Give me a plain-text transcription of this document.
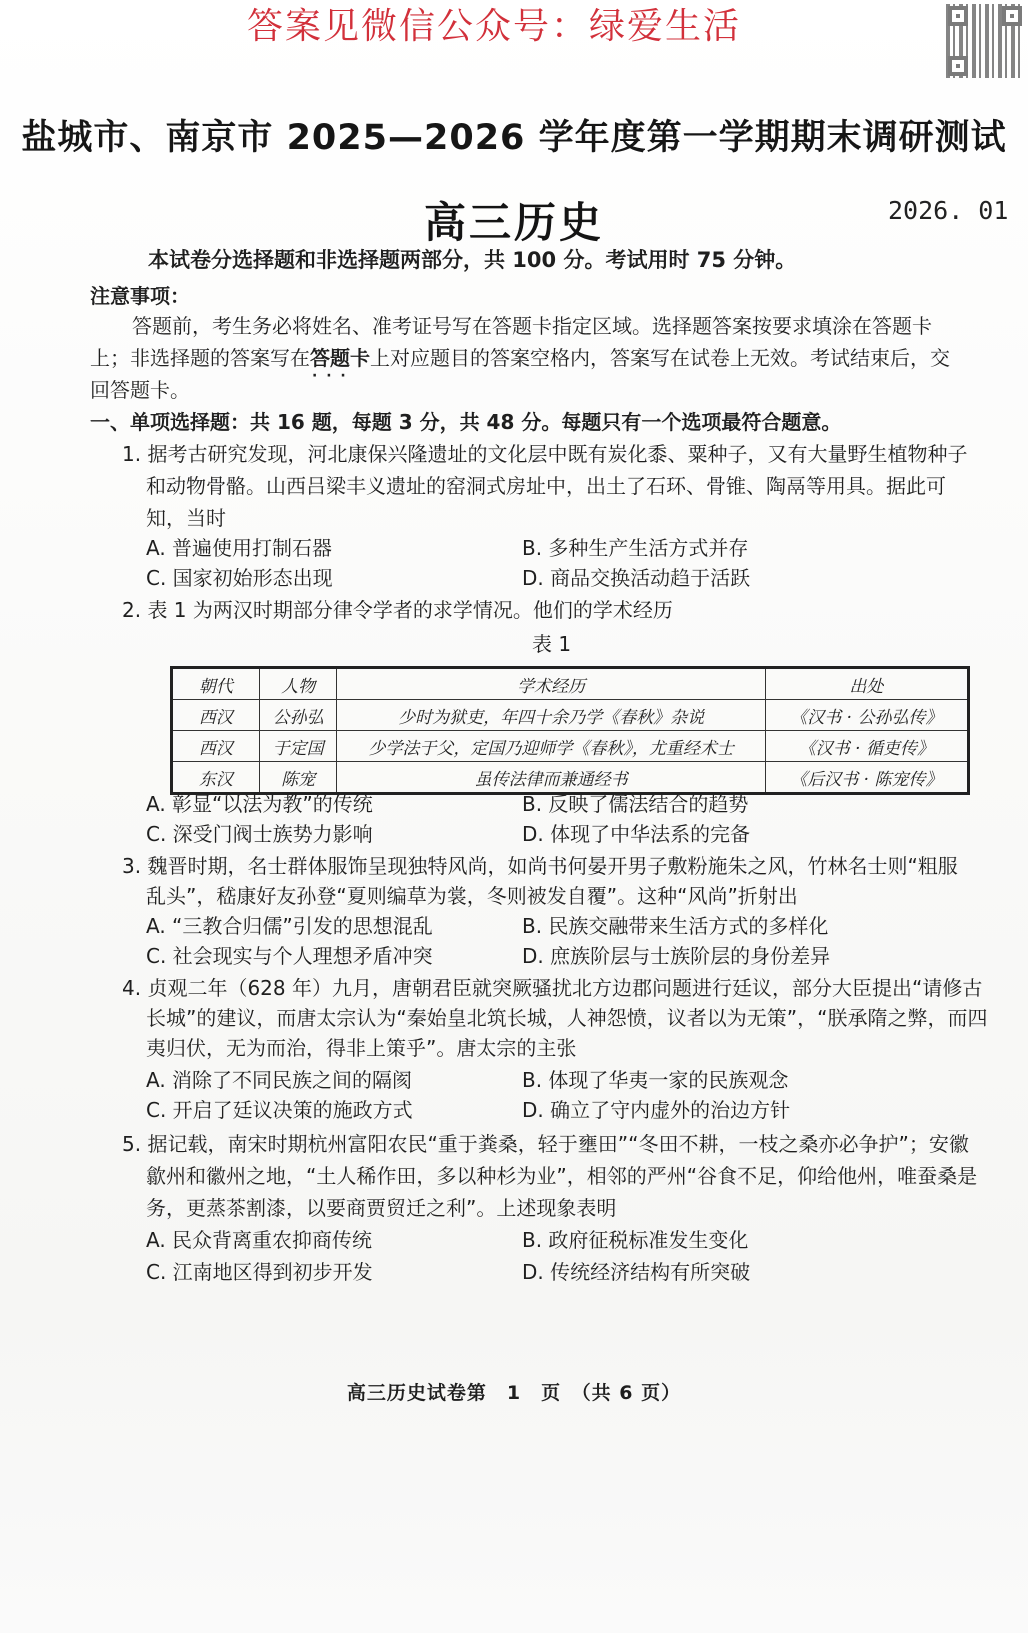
答案见微信公众号：绿爱生活
盐城市、南京市 2025—2026 学年度第一学期期末调研测试
高三历史	2026. 01
本试卷分选择题和非选择题两部分，共 100 分。考试用时 75 分钟。
注意事项：
答题前，考生务必将姓名、准考证号写在答题卡指定区域。选择题答案按要求填涂在答题卡
上；非选择题的答案写在答题卡 · · ·上对应题目的答案空格内，答案写在试卷上无效。考试结束后，交
回答题卡。
一、单项选择题：共 16 题，每题 3 分，共 48 分。每题只有一个选项最符合题意。
1. 据考古研究发现，河北康保兴隆遗址的文化层中既有炭化黍、粟种子，又有大量野生植物种子
和动物骨骼。山西吕梁丰义遗址的窑洞式房址中，出土了石环、骨锥、陶鬲等用具。据此可
知，当时
A. 普遍使用打制石器	B. 多种生产生活方式并存
C. 国家初始形态出现	D. 商品交换活动趋于活跃
2. 表 1 为两汉时期部分律令学者的求学情况。他们的学术经历
表 1
朝代	人物	学术经历	出处
西汉	公孙弘	少时为狱吏，年四十余乃学《春秋》杂说	《汉书 · 公孙弘传》
西汉	于定国	少学法于父，定国乃迎师学《春秋》，尤重经术士	《汉书 · 循吏传》
东汉	陈宠	虽传法律而兼通经书	《后汉书 · 陈宠传》
A. 彰显“以法为教”的传统	B. 反映了儒法结合的趋势
C. 深受门阀士族势力影响	D. 体现了中华法系的完备
3. 魏晋时期，名士群体服饰呈现独特风尚，如尚书何晏开男子敷粉施朱之风，竹林名士则“粗服
乱头”，嵇康好友孙登“夏则编草为裳，冬则被发自覆”。这种“风尚”折射出
A. “三教合归儒”引发的思想混乱	B. 民族交融带来生活方式的多样化
C. 社会现实与个人理想矛盾冲突	D. 庶族阶层与士族阶层的身份差异
4. 贞观二年（628 年）九月，唐朝君臣就突厥骚扰北方边郡问题进行廷议，部分大臣提出“请修古
长城”的建议，而唐太宗认为“秦始皇北筑长城，人神怨愤，议者以为无策”，“朕承隋之弊，而四
夷归伏，无为而治，得非上策乎”。唐太宗的主张
A. 消除了不同民族之间的隔阂	B. 体现了华夷一家的民族观念
C. 开启了廷议决策的施政方式	D. 确立了守内虚外的治边方针
5. 据记载，南宋时期杭州富阳农民“重于粪桑，轻于壅田”“冬田不耕，一枝之桑亦必争护”；安徽
歙州和徽州之地，“土人稀作田，多以种杉为业”，相邻的严州“谷食不足，仰给他州，唯蚕桑是
务，更蒸茶割漆，以要商贾贸迁之利”。上述现象表明
A. 民众背离重农抑商传统	B. 政府征税标准发生变化
C. 江南地区得到初步开发	D. 传统经济结构有所突破
高三历史试卷第　1　页　（共 6 页）
